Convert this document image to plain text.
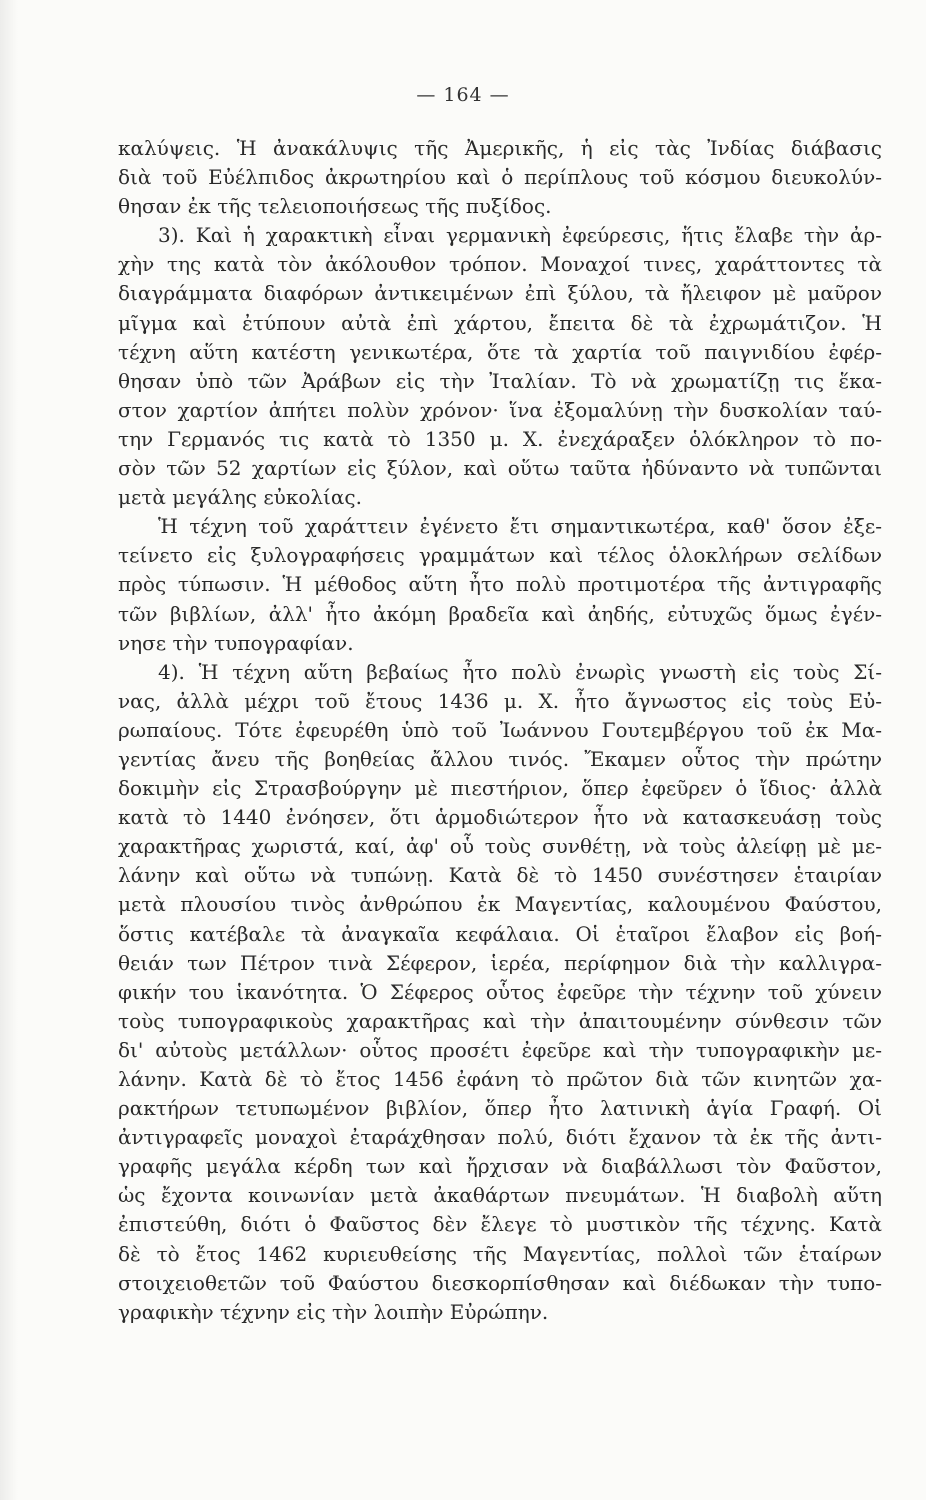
— 164 —
καλύψεις. Ἡ ἀνακάλυψις τῆς Ἀμερικῆς, ἡ εἰς τὰς Ἰνδίας διάβασις
διὰ τοῦ Εὐέλπιδος ἀκρωτηρίου καὶ ὁ περίπλους τοῦ κόσμου διευκολύν-
θησαν ἐκ τῆς τελειοποιήσεως τῆς πυξίδος.
3). Καὶ ἡ χαρακτικὴ εἶναι γερμανικὴ ἐφεύρεσις, ἥτις ἔλαβε τὴν ἀρ-
χὴν της κατὰ τὸν ἀκόλουθον τρόπον. Μοναχοί τινες, χαράττοντες τὰ
διαγράμματα διαφόρων ἀντικειμένων ἐπὶ ξύλου, τὰ ἤλειφον μὲ μαῦρον
μῖγμα καὶ ἐτύπουν αὐτὰ ἐπὶ χάρτου, ἔπειτα δὲ τὰ ἐχρωμάτιζον. Ἡ
τέχνη αὕτη κατέστη γενικωτέρα, ὅτε τὰ χαρτία τοῦ παιγνιδίου ἐφέρ-
θησαν ὑπὸ τῶν Ἀράβων εἰς τὴν Ἰταλίαν. Τὸ νὰ χρωματίζῃ τις ἕκα-
στον χαρτίον ἀπήτει πολὺν χρόνον· ἵνα ἐξομαλύνῃ τὴν δυσκολίαν ταύ-
την Γερμανός τις κατὰ τὸ 1350 μ. Χ. ἐνεχάραξεν ὁλόκληρον τὸ πο-
σὸν τῶν 52 χαρτίων εἰς ξύλον, καὶ οὕτω ταῦτα ἠδύναντο νὰ τυπῶνται
μετὰ μεγάλης εὐκολίας.
Ἡ τέχνη τοῦ χαράττειν ἐγένετο ἔτι σημαντικωτέρα, καθ' ὅσον ἐξε-
τείνετο εἰς ξυλογραφήσεις γραμμάτων καὶ τέλος ὁλοκλήρων σελίδων
πρὸς τύπωσιν. Ἡ μέθοδος αὕτη ἦτο πολὺ προτιμοτέρα τῆς ἀντιγραφῆς
τῶν βιβλίων, ἀλλ' ἦτο ἀκόμη βραδεῖα καὶ ἀηδής, εὐτυχῶς ὅμως ἐγέν-
νησε τὴν τυπογραφίαν.
4). Ἡ τέχνη αὕτη βεβαίως ἦτο πολὺ ἐνωρὶς γνωστὴ εἰς τοὺς Σί-
νας, ἀλλὰ μέχρι τοῦ ἔτους 1436 μ. Χ. ἦτο ἄγνωστος εἰς τοὺς Εὐ-
ρωπαίους. Τότε ἐφευρέθη ὑπὸ τοῦ Ἰωάννου Γουτεμβέργου τοῦ ἐκ Μα-
γεντίας ἄνευ τῆς βοηθείας ἄλλου τινός. Ἔκαμεν οὗτος τὴν πρώτην
δοκιμὴν εἰς Στρασβούργην μὲ πιεστήριον, ὅπερ ἐφεῦρεν ὁ ἴδιος· ἀλλὰ
κατὰ τὸ 1440 ἐνόησεν, ὅτι ἁρμοδιώτερον ἦτο νὰ κατασκευάσῃ τοὺς
χαρακτῆρας χωριστά, καί, ἀφ' οὗ τοὺς συνθέτῃ, νὰ τοὺς ἀλείφῃ μὲ με-
λάνην καὶ οὕτω νὰ τυπώνῃ. Κατὰ δὲ τὸ 1450 συνέστησεν ἑταιρίαν
μετὰ πλουσίου τινὸς ἀνθρώπου ἐκ Μαγεντίας, καλουμένου Φαύστου,
ὅστις κατέβαλε τὰ ἀναγκαῖα κεφάλαια. Οἱ ἑταῖροι ἔλαβον εἰς βοή-
θειάν των Πέτρον τινὰ Σέφερον, ἱερέα, περίφημον διὰ τὴν καλλιγρα-
φικήν του ἱκανότητα. Ὁ Σέφερος οὗτος ἐφεῦρε τὴν τέχνην τοῦ χύνειν
τοὺς τυπογραφικοὺς χαρακτῆρας καὶ τὴν ἀπαιτουμένην σύνθεσιν τῶν
δι' αὐτοὺς μετάλλων· οὗτος προσέτι ἐφεῦρε καὶ τὴν τυπογραφικὴν με-
λάνην. Κατὰ δὲ τὸ ἔτος 1456 ἐφάνη τὸ πρῶτον διὰ τῶν κινητῶν χα-
ρακτήρων τετυπωμένον βιβλίον, ὅπερ ἦτο λατινικὴ ἁγία Γραφή. Οἱ
ἀντιγραφεῖς μοναχοὶ ἐταράχθησαν πολύ, διότι ἔχανον τὰ ἐκ τῆς ἀντι-
γραφῆς μεγάλα κέρδη των καὶ ἤρχισαν νὰ διαβάλλωσι τὸν Φαῦστον,
ὡς ἔχοντα κοινωνίαν μετὰ ἀκαθάρτων πνευμάτων. Ἡ διαβολὴ αὕτη
ἐπιστεύθη, διότι ὁ Φαῦστος δὲν ἔλεγε τὸ μυστικὸν τῆς τέχνης. Κατὰ
δὲ τὸ ἔτος 1462 κυριευθείσης τῆς Μαγεντίας, πολλοὶ τῶν ἑταίρων
στοιχειοθετῶν τοῦ Φαύστου διεσκορπίσθησαν καὶ διέδωκαν τὴν τυπο-
γραφικὴν τέχνην εἰς τὴν λοιπὴν Εὐρώπην.
